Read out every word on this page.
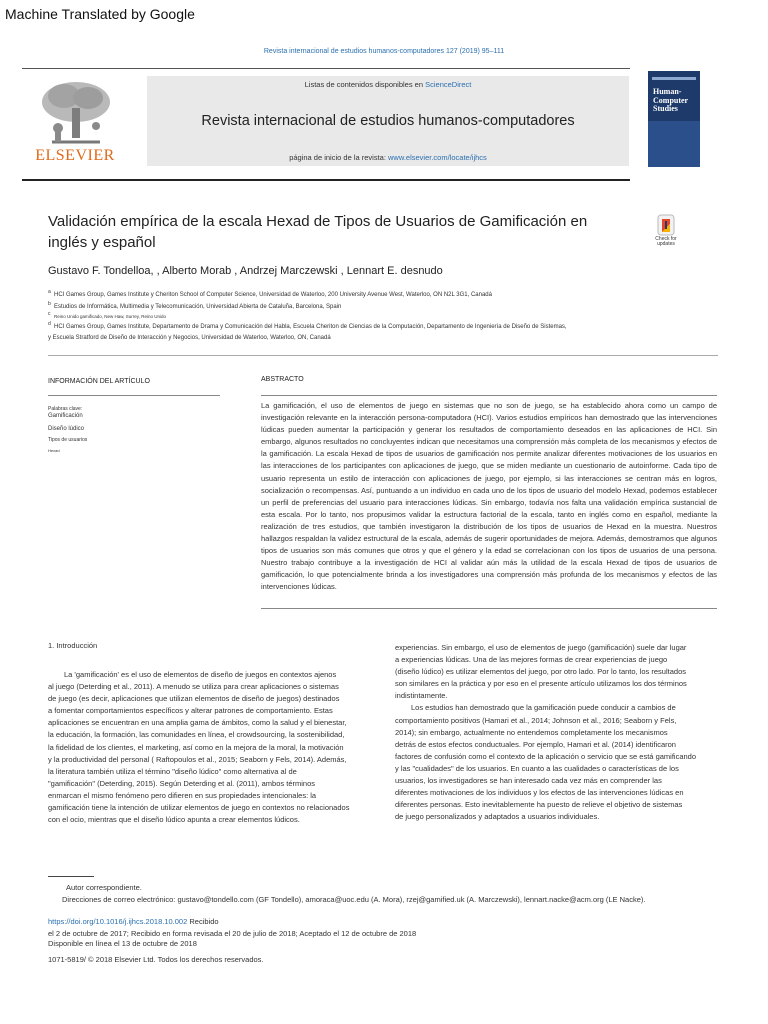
Machine Translated by Google
Revista internacional de estudios humanos-computadores 127 (2019) 95–111
ELSEVIER
Listas de contenidos disponibles en ScienceDirect
Revista internacional de estudios humanos-computadores
página de inicio de la revista: www.elsevier.com/locate/ijhcs
Human-Computer Studies
Validación empírica de la escala Hexad de Tipos de Usuarios de Gamificación en inglés y español	Check for updates
Gustavo F. Tondelloa, , Alberto Morab , Andrzej Marczewski , Lennart E. desnudo
a HCI Games Group, Games Institute y Cheriton School of Computer Science, Universidad de Waterloo, 200 University Avenue West, Waterloo, ON N2L 3G1, Canadá
b Estudios de Informática, Multimedia y Telecomunicación, Universidad Abierta de Cataluña, Barcelona, Spain
c Reino Unido gamificado, New Haw, Surrey, Reino Unido
d HCI Games Group, Games Institute, Departamento de Drama y Comunicación del Habla, Escuela Cheriton de Ciencias de la Computación, Departamento de Ingeniería de Diseño de Sistemas,
y Escuela Stratford de Diseño de Interacción y Negocios, Universidad de Waterloo, Waterloo, ON, Canadá
INFORMACIÓN DEL ARTÍCULO	ABSTRACTO
Palabras clave:
Gamificación
Diseño lúdico
Tipos de usuarios
Hexad
La gamificación, el uso de elementos de juego en sistemas que no son de juego, se ha establecido ahora como un campo de investigación relevante en la interacción persona-computadora (HCI). Varios estudios empíricos han demostrado que las intervenciones lúdicas pueden aumentar la participación y generar los resultados de comportamiento deseados en las aplicaciones de HCI. Sin embargo, algunos resultados no concluyentes indican que necesitamos una comprensión más completa de los mecanismos y efectos de la gamificación. La escala Hexad de tipos de usuarios de gamificación nos permite analizar diferentes motivaciones de los usuarios en las interacciones de los participantes con aplicaciones de juego, que se miden mediante un cuestionario de autoinforme. Cada tipo de usuario representa un estilo de interacción con aplicaciones de juego, por ejemplo, si las interacciones se centran más en logros, socialización o recompensas. Así, puntuando a un individuo en cada uno de los tipos de usuario del modelo Hexad, podemos establecer un perfil de preferencias del usuario para interacciones lúdicas. Sin embargo, todavía nos falta una validación empírica sustancial de esta escala. Por lo tanto, nos propusimos validar la estructura factorial de la escala, tanto en inglés como en español, mediante la realización de tres estudios, que también investigaron la distribución de los tipos de usuarios de Hexad en la muestra. Nuestros hallazgos respaldan la validez estructural de la escala, además de sugerir oportunidades de mejora. Además, demostramos que algunos tipos de usuarios son más comunes que otros y que el género y la edad se correlacionan con los tipos de usuarios de una persona. Nuestro trabajo contribuye a la investigación de HCI al validar aún más la utilidad de la escala Hexad de tipos de usuarios de gamificación, lo que potencialmente brinda a los investigadores una comprensión más profunda de los mecanismos y efectos de las intervenciones lúdicas.
1. Introducción
La 'gamificación' es el uso de elementos de diseño de juegos en contextos ajenos
al juego (Deterding et al., 2011). A menudo se utiliza para crear aplicaciones o sistemas
de juego (es decir, aplicaciones que utilizan elementos de diseño de juegos) destinados
a fomentar comportamientos específicos y alterar patrones de comportamiento. Estas
aplicaciones se encuentran en una amplia gama de ámbitos, como la salud y el bienestar,
la educación, la formación, las comunidades en línea, el crowdsourcing, la sostenibilidad,
la fidelidad de los clientes, el marketing, así como en la mejora de la moral, la motivación
y la productividad del personal ( Raftopoulos et al., 2015; Seaborn y Fels, 2014). Además,
la literatura también utiliza el término "diseño lúdico" como alternativa al de
"gamificación" (Deterding, 2015). Según Deterding et al. (2011), ambos términos
enmarcan el mismo fenómeno pero difieren en sus propiedades intencionales: la
gamificación tiene la intención de utilizar elementos de juego en contextos no relacionados
con el ocio, mientras que el diseño lúdico apunta a crear elementos lúdicos.
experiencias. Sin embargo, el uso de elementos de juego (gamificación) suele dar lugar
a experiencias lúdicas. Una de las mejores formas de crear experiencias de juego
(diseño lúdico) es utilizar elementos del juego, por otro lado. Por lo tanto, los resultados
son similares en la práctica y por eso en el presente artículo utilizamos los dos términos
indistintamente.
Los estudios han demostrado que la gamificación puede conducir a cambios de
comportamiento positivos (Hamari et al., 2014; Johnson et al., 2016; Seaborn y Fels,
2014); sin embargo, actualmente no entendemos completamente los mecanismos
detrás de estos efectos conductuales. Por ejemplo, Hamari et al. (2014) identificaron
factores de confusión como el contexto de la aplicación o servicio que se está gamificando
y las "cualidades" de los usuarios. En cuanto a las cualidades o características de los
usuarios, los investigadores se han interesado cada vez más en comprender las
diferentes motivaciones de los individuos y los efectos de las intervenciones lúdicas en
diferentes personas. Esto inevitablemente ha puesto de relieve el objetivo de sistemas
de juego personalizados y adaptados a usuarios individuales.
Autor correspondiente.
Direcciones de correo electrónico: gustavo@tondello.com (GF Tondello), amoraca@uoc.edu (A. Mora), rzej@gamified.uk (A. Marczewski), lennart.nacke@acm.org (LE Nacke).
https://doi.org/10.1016/j.ijhcs.2018.10.002 Recibido
el 2 de octubre de 2017; Recibido en forma revisada el 20 de julio de 2018; Aceptado el 12 de octubre de 2018
Disponible en línea el 13 de octubre de 2018
1071-5819/ © 2018 Elsevier Ltd. Todos los derechos reservados.
